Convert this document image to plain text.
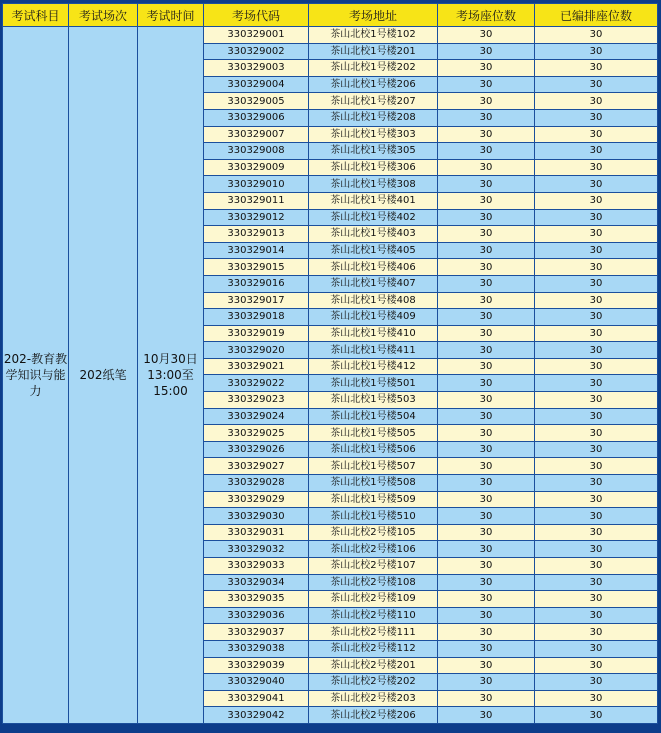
考试科目	考试场次	考试时间	考场代码	考场地址	考场座位数	已编排座位数
202-教育教学知识与能力	202纸笔	10月30日13:00至15:00	330329001	茶山北校1号楼102	30	30
			330329002	茶山北校1号楼201	30	30
			330329003	茶山北校1号楼202	30	30
			330329004	茶山北校1号楼206	30	30
			330329005	茶山北校1号楼207	30	30
			330329006	茶山北校1号楼208	30	30
			330329007	茶山北校1号楼303	30	30
			330329008	茶山北校1号楼305	30	30
			330329009	茶山北校1号楼306	30	30
			330329010	茶山北校1号楼308	30	30
			330329011	茶山北校1号楼401	30	30
			330329012	茶山北校1号楼402	30	30
			330329013	茶山北校1号楼403	30	30
			330329014	茶山北校1号楼405	30	30
			330329015	茶山北校1号楼406	30	30
			330329016	茶山北校1号楼407	30	30
			330329017	茶山北校1号楼408	30	30
			330329018	茶山北校1号楼409	30	30
			330329019	茶山北校1号楼410	30	30
			330329020	茶山北校1号楼411	30	30
			330329021	茶山北校1号楼412	30	30
			330329022	茶山北校1号楼501	30	30
			330329023	茶山北校1号楼503	30	30
			330329024	茶山北校1号楼504	30	30
			330329025	茶山北校1号楼505	30	30
			330329026	茶山北校1号楼506	30	30
			330329027	茶山北校1号楼507	30	30
			330329028	茶山北校1号楼508	30	30
			330329029	茶山北校1号楼509	30	30
			330329030	茶山北校1号楼510	30	30
			330329031	茶山北校2号楼105	30	30
			330329032	茶山北校2号楼106	30	30
			330329033	茶山北校2号楼107	30	30
			330329034	茶山北校2号楼108	30	30
			330329035	茶山北校2号楼109	30	30
			330329036	茶山北校2号楼110	30	30
			330329037	茶山北校2号楼111	30	30
			330329038	茶山北校2号楼112	30	30
			330329039	茶山北校2号楼201	30	30
			330329040	茶山北校2号楼202	30	30
			330329041	茶山北校2号楼203	30	30
			330329042	茶山北校2号楼206	30	30
